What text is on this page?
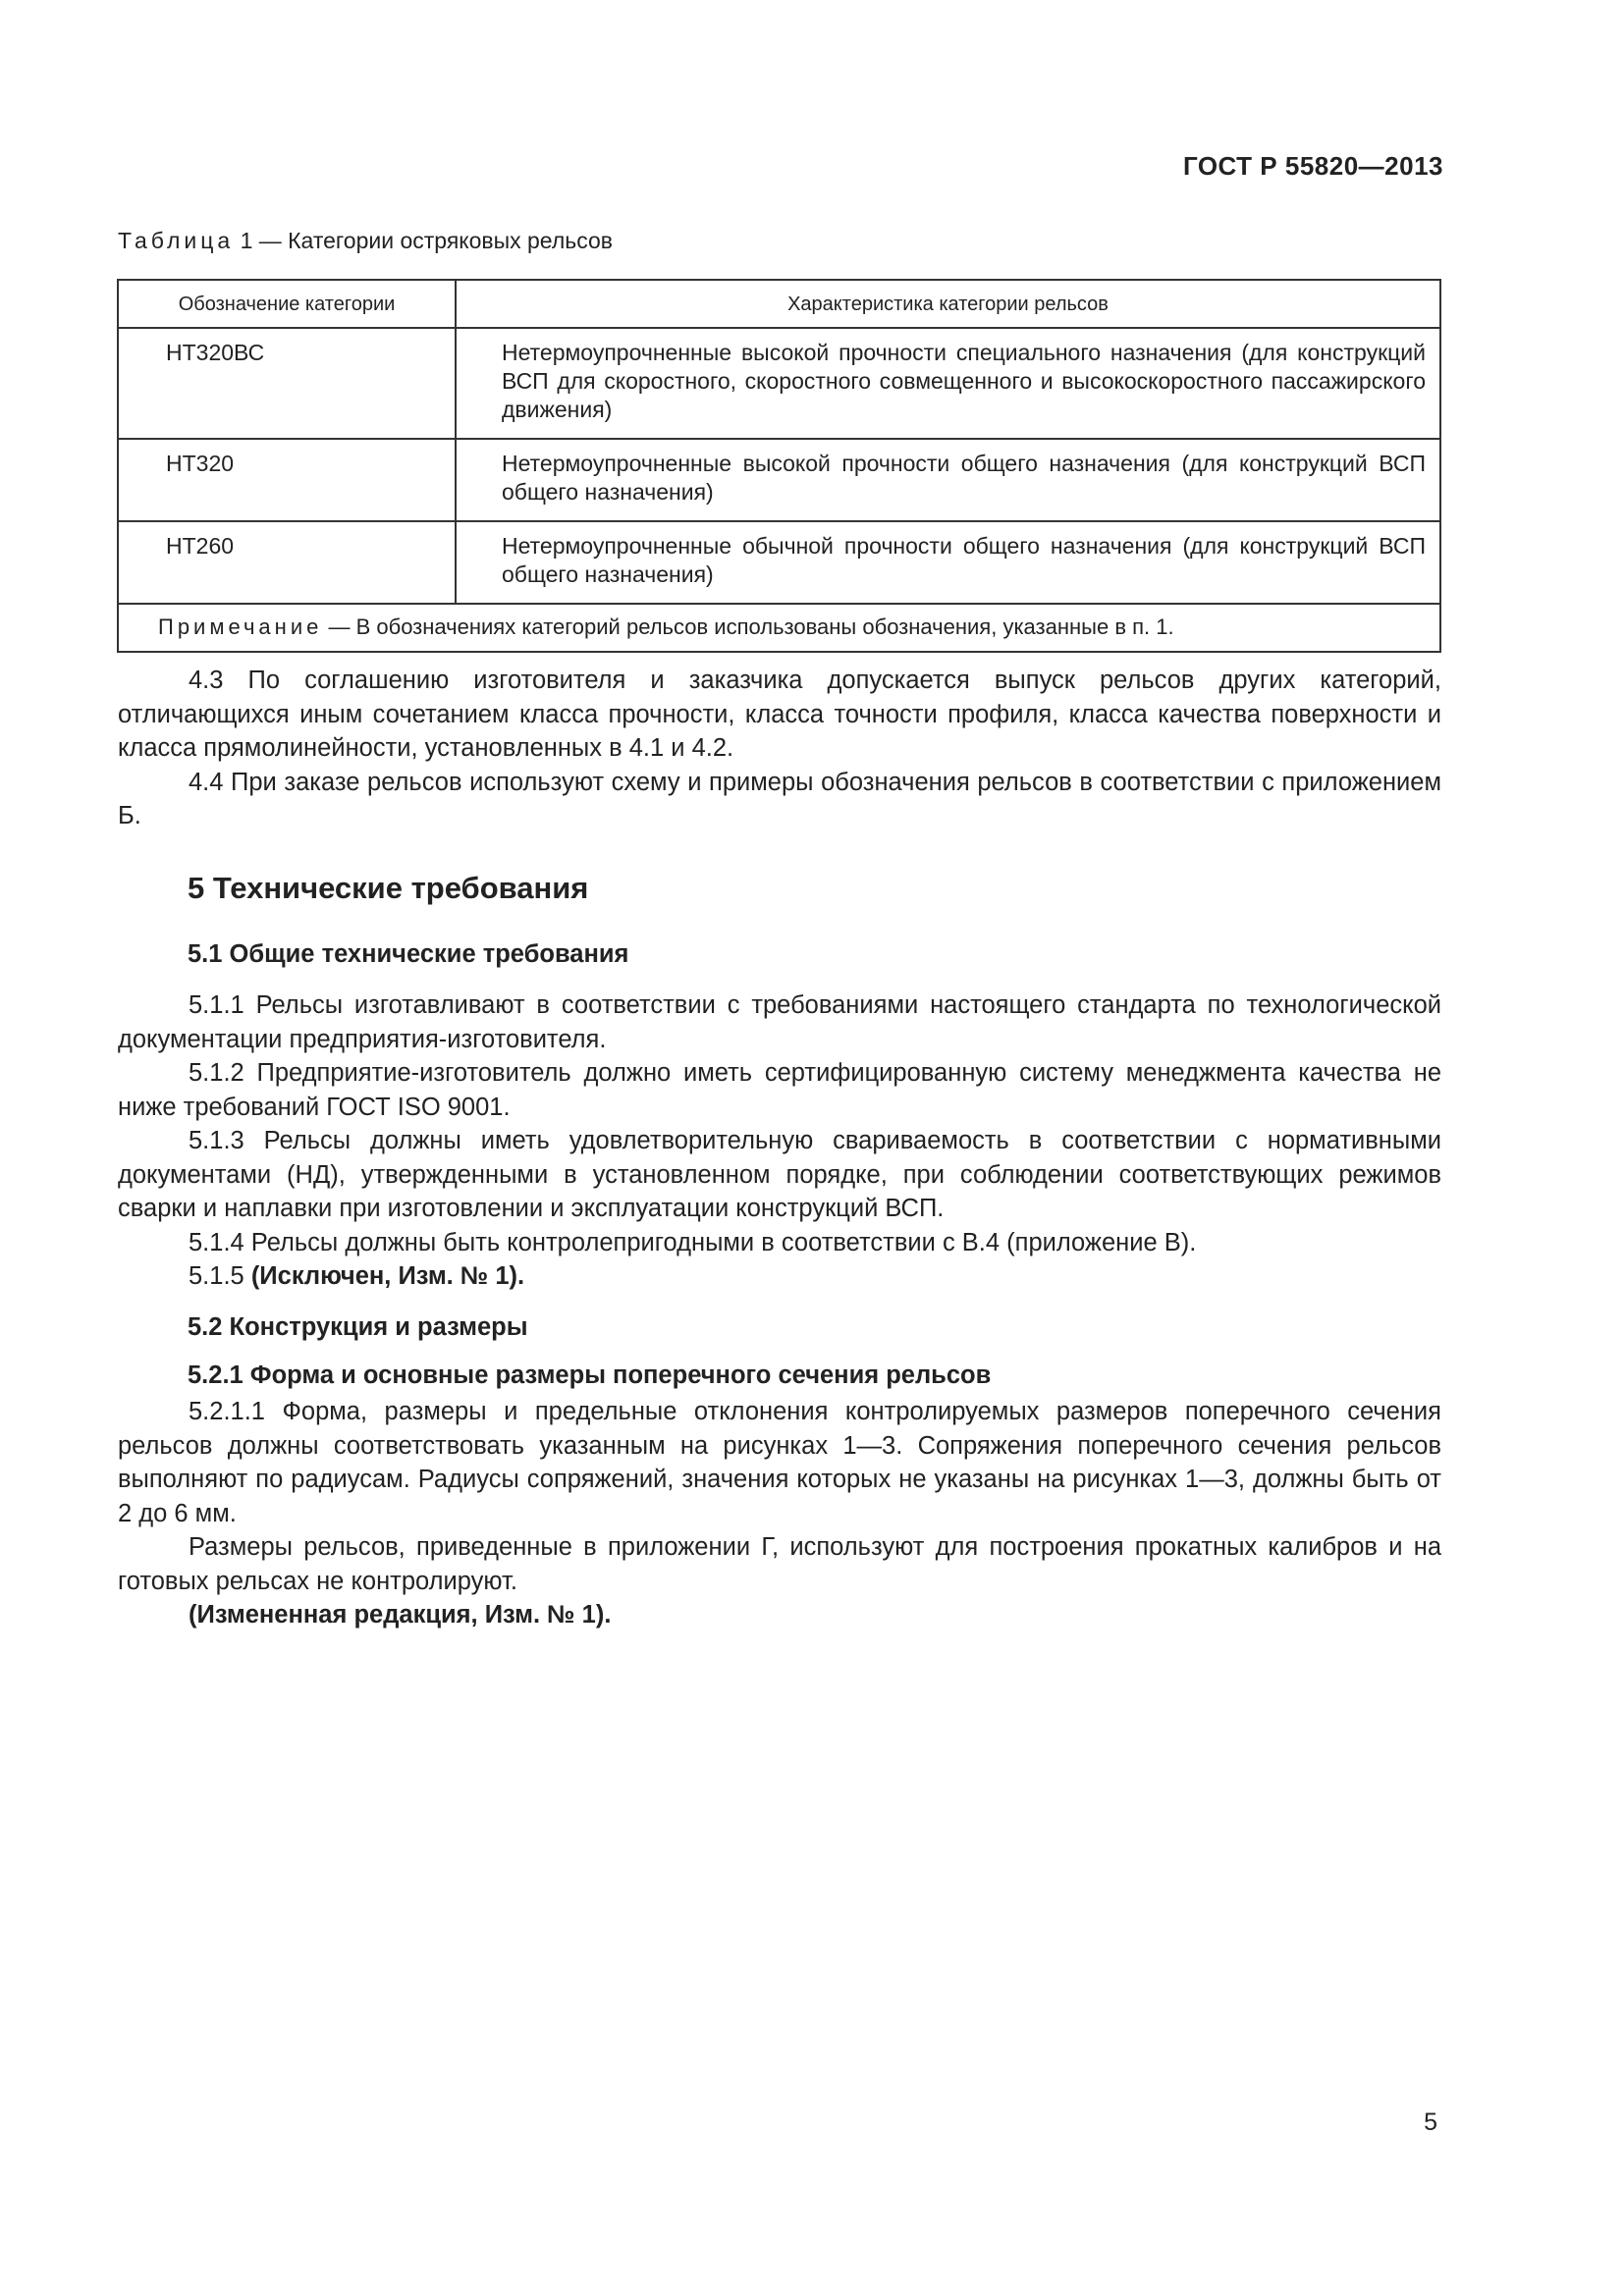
ГОСТ Р 55820—2013
Таблица 1 — Категории остряковых рельсов
Обозначение категории	Характеристика категории рельсов
НТ320ВС	Нетермоупрочненные высокой прочности специального назначения (для конструкций ВСП для скоростного, скоростного совмещенного и высокоскоростного пассажирского движения)

НТ320	Нетермоупрочненные высокой прочности общего назначения (для конструкций ВСП общего назначения)

НТ260	Нетермоупрочненные обычной прочности общего назначения (для конструкций ВСП общего назначения)

Примечание — В обозначениях категорий рельсов использованы обозначения, указанные в п. 1.	

4.3 По соглашению изготовителя и заказчика допускается выпуск рельсов других категорий, отличающихся иным сочетанием класса прочности, класса точности профиля, класса качества поверхности и класса прямолинейности, установленных в 4.1 и 4.2.

4.4 При заказе рельсов используют схему и примеры обозначения рельсов в соответствии с приложением Б.

5 Технические требования
5.1 Общие технические требования

5.1.1 Рельсы изготавливают в соответствии с требованиями настоящего стандарта по технологической документации предприятия-изготовителя.

5.1.2 Предприятие-изготовитель должно иметь сертифицированную систему менеджмента качества не ниже требований ГОСТ ISO 9001.

5.1.3 Рельсы должны иметь удовлетворительную свариваемость в соответствии с нормативными документами (НД), утвержденными в установленном порядке, при соблюдении соответствующих режимов сварки и наплавки при изготовлении и эксплуатации конструкций ВСП.

5.1.4 Рельсы должны быть контролепригодными в соответствии с В.4 (приложение В).

5.1.5 (Исключен, Изм. № 1).

5.2 Конструкция и размеры
5.2.1 Форма и основные размеры поперечного сечения рельсов

5.2.1.1 Форма, размеры и предельные отклонения контролируемых размеров поперечного сечения рельсов должны соответствовать указанным на рисунках 1—3. Сопряжения поперечного сечения рельсов выполняют по радиусам. Радиусы сопряжений, значения которых не указаны на рисунках 1—3, должны быть от 2 до 6 мм.

Размеры рельсов, приведенные в приложении Г, используют для построения прокатных калибров и на готовых рельсах не контролируют.

(Измененная редакция, Изм. № 1).

5
